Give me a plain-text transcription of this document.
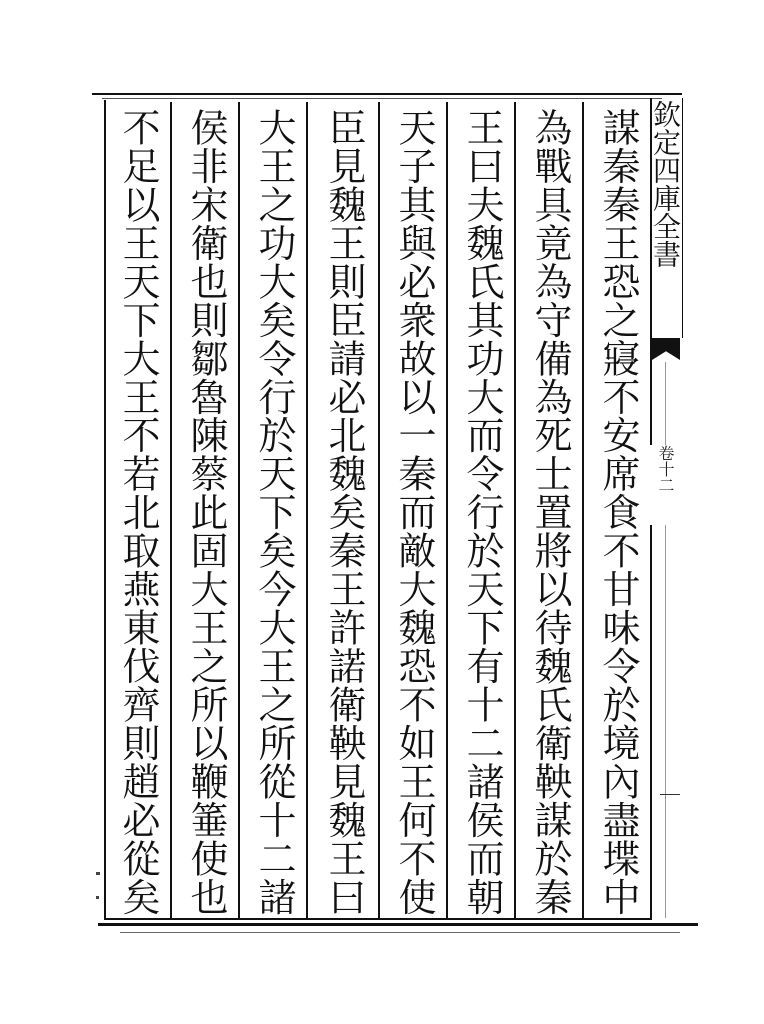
謀秦秦王恐之寢不安席食不甘味令於境內盡堞中
為戰具竟為守備為死士置將以待魏氏衛鞅謀於秦
王曰夫魏氏其功大而令行於天下有十二諸侯而朝
天子其與必衆故以一秦而敵大魏恐不如王何不使
臣見魏王則臣請必北魏矣秦王許諾衛鞅見魏王曰
大王之功大矣令行於天下矣今大王之所從十二諸
侯非宋衛也則鄒魯陳蔡此固大王之所以鞭箠使也
不足以王天下大王不若北取燕東伐齊則趙必從矣	欽定四庫全書
卷十二
